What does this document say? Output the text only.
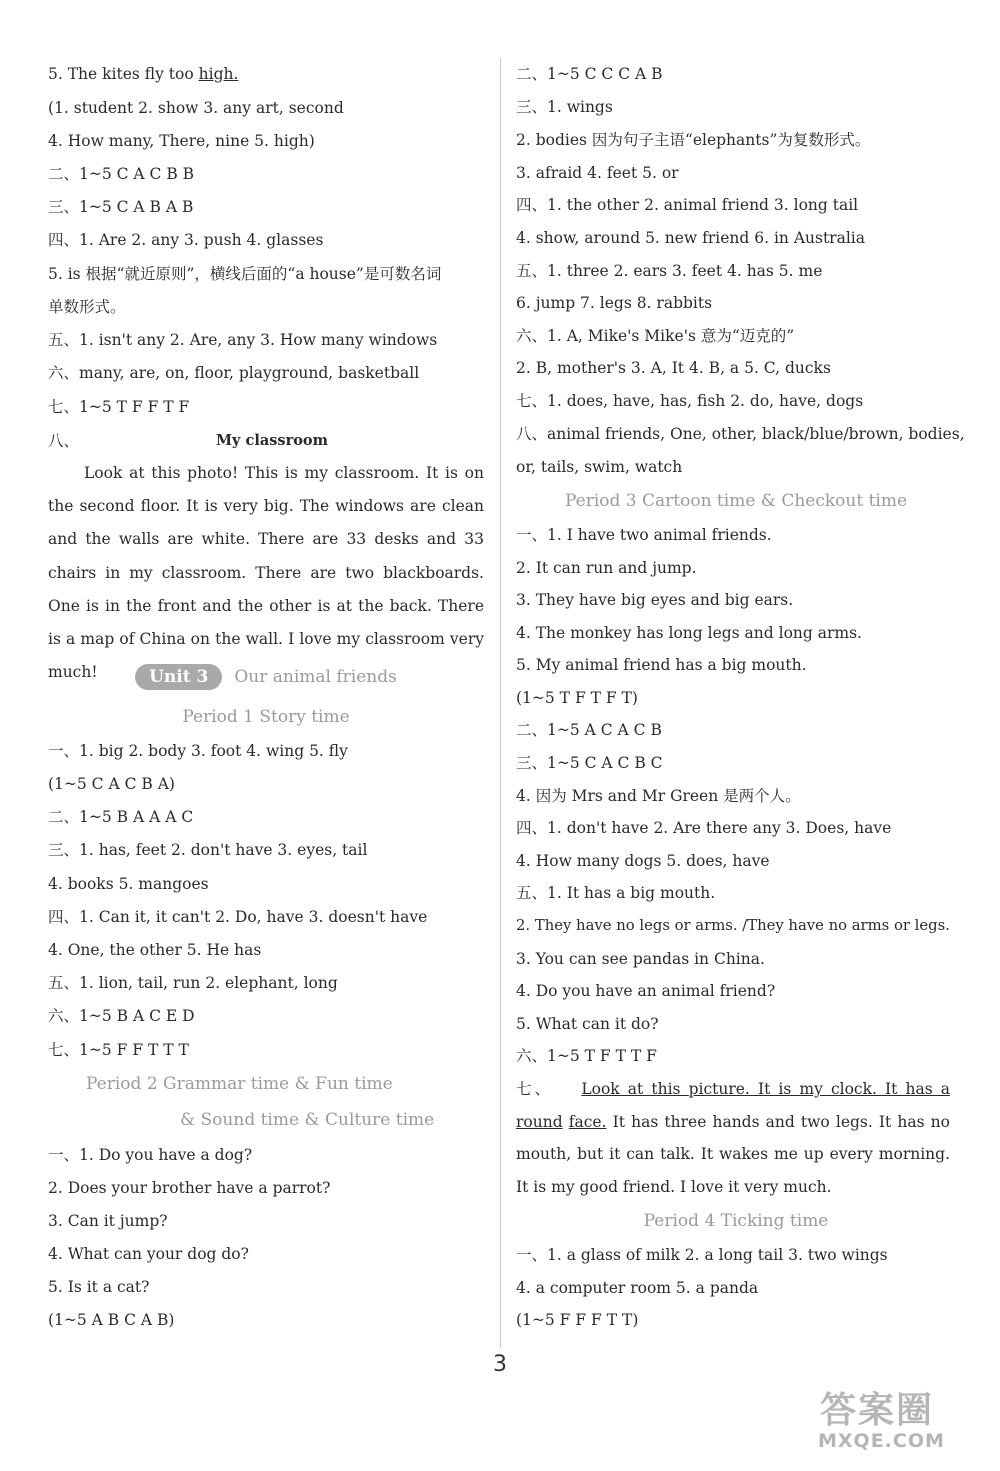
5. The kites fly too high.
(1. student 2. show 3. any art, second
4. How many, There, nine 5. high)
二、1~5 C A C B B
三、1~5 C A B A B
四、1. Are 2. any 3. push 4. glasses
5. is 根据“就近原则”，横线后面的“a house”是可数名词
单数形式。
五、1. isn't any 2. Are, any 3. How many windows
六、many, are, on, floor, playground, basketball
七、1~5 T F F T F
八、	My classroom
Look at this photo! This is my classroom. It is on the second floor. It is very big. The windows are clean and the walls are white. There are 33 desks and 33 chairs in my classroom. There are two blackboards. One is in the front and the other is at the back. There is a map of China on the wall. I love my classroom very much!	Unit 3 Our animal friends
Period 1 Story time
一、1. big 2. body 3. foot 4. wing 5. fly
(1~5 C A C B A)
二、1~5 B A A A C
三、1. has, feet 2. don't have 3. eyes, tail
4. books 5. mangoes
四、1. Can it, it can't 2. Do, have 3. doesn't have
4. One, the other 5. He has
五、1. lion, tail, run 2. elephant, long
六、1~5 B A C E D
七、1~5 F F T T T
Period 2 Grammar time & Fun time
& Sound time & Culture time
一、1. Do you have a dog?
2. Does your brother have a parrot?
3. Can it jump?
4. What can your dog do?
5. Is it a cat?
(1~5 A B C A B)
二、1~5 C C C A B
三、1. wings
2. bodies 因为句子主语“elephants”为复数形式。
3. afraid 4. feet 5. or
四、1. the other 2. animal friend 3. long tail
4. show, around 5. new friend 6. in Australia
五、1. three 2. ears 3. feet 4. has 5. me
6. jump 7. legs 8. rabbits
六、1. A, Mike's Mike's 意为“迈克的”
2. B, mother's 3. A, It 4. B, a 5. C, ducks
七、1. does, have, has, fish 2. do, have, dogs
八、animal friends, One, other, black/blue/brown, bodies,
or, tails, swim, watch
Period 3 Cartoon time & Checkout time
一、1. I have two animal friends.
2. It can run and jump.
3. They have big eyes and big ears.
4. The monkey has long legs and long arms.
5. My animal friend has a big mouth.
(1~5 T F T F T)
二、1~5 A C A C B
三、1~5 C A C B C
4. 因为 Mrs and Mr Green 是两个人。
四、1. don't have 2. Are there any 3. Does, have
4. How many dogs 5. does, have
五、1. It has a big mouth.
2. They have no legs or arms. /They have no arms or legs.
3. You can see pandas in China.
4. Do you have an animal friend?
5. What can it do?
六、1~5 T F T T F
七、 Look at this picture. It is my clock. It has a round face. It has three hands and two legs. It has no mouth, but it can talk. It wakes me up every morning. It is my good friend. I love it very much.
Period 4 Ticking time
一、1. a glass of milk 2. a long tail 3. two wings
4. a computer room 5. a panda
(1~5 F F F T T)
3
答案圈
MXQE.COM
